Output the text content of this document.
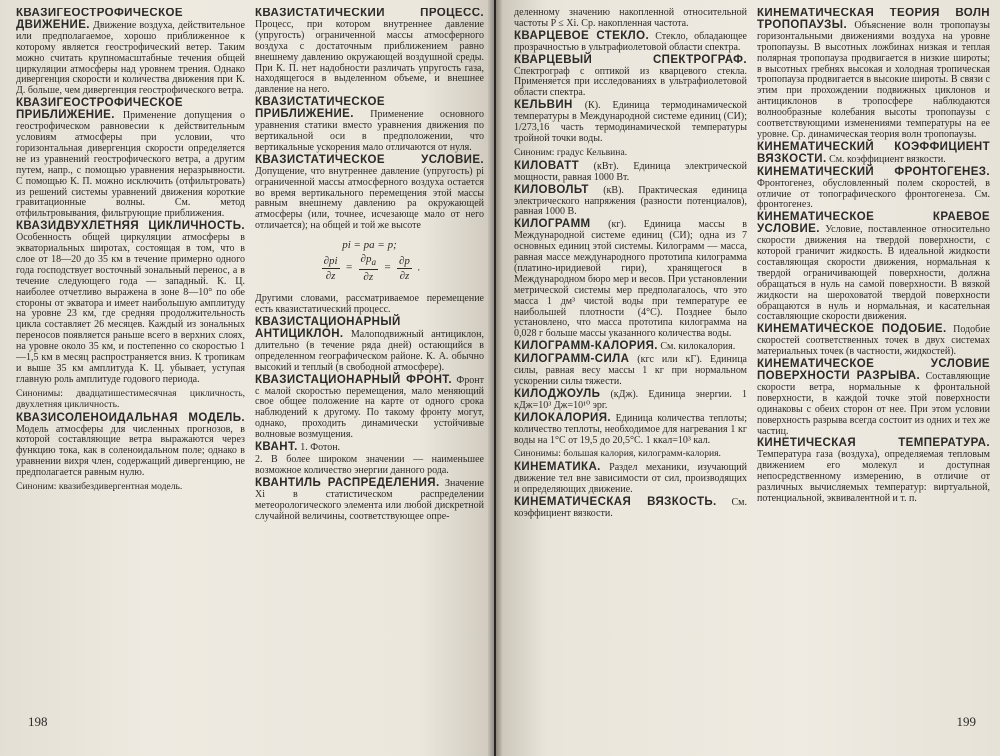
КВАЗИГЕОСТРОФИЧЕСКОЕ ДВИЖЕНИЕ. Движение воздуха, действительное или предполагаемое, хорошо приближенное к которому является геострофический ветер. Таким можно считать крупномасштабные течения общей циркуляции атмосферы над уровнем трения. Однако дивергенция скорости и количества движения при К. Д. больше, чем дивергенция геострофического ветра.

КВАЗИГЕОСТРОФИЧЕСКОЕ ПРИБЛИЖЕНИЕ. Применение допущения о геострофическом равновесии к действительным условиям атмосферы при условии, что горизонтальная дивергенция скорости определяется не из уравнений геострофического ветра, а другим путем, напр., с помощью уравнения неразрывности. С помощью К. П. можно исключить (отфильтровать) из решений системы уравнений движения короткие гравитационные волны. См. метод отфильтровывания, фильтрующие приближения.

КВАЗИДВУХЛЕТНЯЯ ЦИКЛИЧНОСТЬ. Особенность общей циркуляции атмосферы в экваториальных широтах, состоящая в том, что в слое от 18—20 до 35 км в течение примерно одного года господствует восточный зональный перенос, а в течение следующего года — западный. К. Ц. наиболее отчетливо выражена в зоне 8—10° по обе стороны от экватора и имеет наибольшую амплитуду на уровне 23 км, где средняя продолжительность цикла составляет 26 месяцев. Каждый из зональных переносов появляется раньше всего в верхних слоях, на уровне около 35 км, и постепенно со скоростью 1—1,5 км в месяц распространяется вниз. К тропикам и выше 35 км амплитуда К. Ц. убывает, уступая главную роль амплитуде годового периода.

Синонимы: двадцатишестимесячная цикличность, двухлетняя цикличность.

КВАЗИСОЛЕНОИДАЛЬНАЯ МОДЕЛЬ. Модель атмосферы для численных прогнозов, в которой составляющие ветра выражаются через функцию тока, как в соленоидальном поле; однако в уравнении вихря член, содержащий дивергенцию, не предполагается равным нулю.

Синоним: квазибездивергентная модель.

КВАЗИСТАТИЧЕСКИЙ ПРОЦЕСС. Процесс, при котором внутреннее давление (упругость) ограниченной массы атмосферного воздуха с достаточным приближением равно внешнему давлению окружающей воздушной среды. При К. П. нет надобности различать упругость газа, находящегося в выделенном объеме, и внешнее давление на него.

КВАЗИСТАТИЧЕСКОЕ ПРИБЛИЖЕНИЕ. Применение основного уравнения статики вместо уравнения движения по вертикальной оси в предположении, что вертикальные ускорения мало отличаются от нуля.

КВАЗИСТАТИЧЕСКОЕ УСЛОВИЕ. Допущение, что внутреннее давление (упругость) pi ограниченной массы атмосферного воздуха остается во время вертикального перемещения этой массы равным внешнему давлению pa окружающей атмосферы (или, точнее, исчезающе мало от него отличается); на общей и той же высоте

pi = pa = p;
$\frac{\partial pi}{\partial z} = \frac{\partial p_a}{\partial z} = \frac{\partial p}{\partial z}$ .

Другими словами, рассматриваемое перемещение есть квазистатический процесс.

КВАЗИСТАЦИОНАРНЫЙ АНТИЦИКЛОН. Малоподвижный антициклон, длительно (в течение ряда дней) остающийся в определенном географическом районе. К. А. обычно высокий и теплый (в свободной атмосфере).

КВАЗИСТАЦИОНАРНЫЙ ФРОНТ. Фронт с малой скоростью перемещения, мало меняющий свое общее положение на карте от одного срока наблюдений к другому. По такому фронту могут, однако, проходить динамически устойчивые волновые возмущения.

КВАНТ. 1. Фотон.

2. В более широком значении — наименьшее возможное количество энергии данного рода.

КВАНТИЛЬ РАСПРЕДЕЛЕНИЯ. Значение Xi в статистическом распределении метеорологического элемента или любой дискретной случайной величины, соответствующее опре-

198

деленному значению накопленной относительной частоты P ≤ Xi. Ср. накопленная частота.

КВАРЦЕВОЕ СТЕКЛО. Стекло, обладающее прозрачностью в ультрафиолетовой области спектра.

КВАРЦЕВЫЙ СПЕКТРОГРАФ. Спектрограф с оптикой из кварцевого стекла. Применяется при исследованиях в ультрафиолетовой области спектра.

КЕЛЬВИН (К). Единица термодинамической температуры в Международной системе единиц (СИ); 1/273,16 часть термодинамической температуры тройной точки воды.

Синоним: градус Кельвина.

КИЛОВАТТ (кВт). Единица электрической мощности, равная 1000 Вт.

КИЛОВОЛЬТ (кВ). Практическая единица электрического напряжения (разности потенциалов), равная 1000 В.

КИЛОГРАММ (кг). Единица массы в Международной системе единиц (СИ); одна из 7 основных единиц этой системы. Килограмм — масса, равная массе международного прототипа килограмма (платино-иридиевой гири), хранящегося в Международном бюро мер и весов. При установлении метрической системы мер предполагалось, что это масса 1 дм³ чистой воды при температуре ее наибольшей плотности (4°С). Позднее было установлено, что масса прототипа килограмма на 0,028 г больше массы указанного количества воды.

КИЛОГРАММ-КАЛОРИЯ. См. килокалория.

КИЛОГРАММ-СИЛА (кгс или кГ). Единица силы, равная весу массы 1 кг при нормальном ускорении силы тяжести.

КИЛОДЖОУЛЬ (кДж). Единица энергии. 1 кДж=10³ Дж=10¹⁰ эрг.

КИЛОКАЛОРИЯ. Единица количества теплоты; количество теплоты, необходимое для нагревания 1 кг воды на 1°С от 19,5 до 20,5°С. 1 ккал=10³ кал.

Синонимы: большая калория, килограмм-калория.

КИНЕМАТИКА. Раздел механики, изучающий движение тел вне зависимости от сил, производящих и определяющих движение.

КИНЕМАТИЧЕСКАЯ ВЯЗКОСТЬ. См. коэффициент вязкости.

КИНЕМАТИЧЕСКАЯ ТЕОРИЯ ВОЛН ТРОПОПАУЗЫ. Объяснение волн тропопаузы горизонтальными движениями воздуха на уровне тропопаузы. В высотных ложбинах низкая и теплая полярная тропопауза продвигается в низкие широты; в высотных гребнях высокая и холодная тропическая тропопауза продвигается в высокие широты. В связи с этим при прохождении подвижных циклонов и антициклонов в тропосфере наблюдаются волнообразные колебания высоты тропопаузы с соответствующими изменениями температуры на ее уровне. Ср. динамическая теория волн тропопаузы.

КИНЕМАТИЧЕСКИЙ КОЭФФИЦИЕНТ ВЯЗКОСТИ. См. коэффициент вязкости.

КИНЕМАТИЧЕСКИЙ ФРОНТОГЕНЕЗ. Фронтогенез, обусловленный полем скоростей, в отличие от топографического фронтогенеза. См. фронтогенез.

КИНЕМАТИЧЕСКОЕ КРАЕВОЕ УСЛОВИЕ. Условие, поставленное относительно скорости движения на твердой поверхности, с которой граничит жидкость. В идеальной жидкости составляющая скорости движения, нормальная к твердой ограничивающей поверхности, должна обращаться в нуль на самой поверхности. В вязкой жидкости на шероховатой твердой поверхности обращаются в нуль и нормальная, и касательная составляющие скорости движения.

КИНЕМАТИЧЕСКОЕ ПОДОБИЕ. Подобие скоростей соответственных точек в двух системах материальных точек (в частности, жидкостей).

КИНЕМАТИЧЕСКОЕ УСЛОВИЕ ПОВЕРХНОСТИ РАЗРЫВА. Составляющие скорости ветра, нормальные к фронтальной поверхности, в каждой точке этой поверхности одинаковы с обеих сторон от нее. При этом условии поверхность разрыва всегда состоит из одних и тех же частиц.

КИНЕТИЧЕСКАЯ ТЕМПЕРАТУРА. Температура газа (воздуха), определяемая тепловым движением его молекул и доступная непосредственному измерению, в отличие от различных вычисляемых температур: виртуальной, потенциальной, эквивалентной и т. п.

199
